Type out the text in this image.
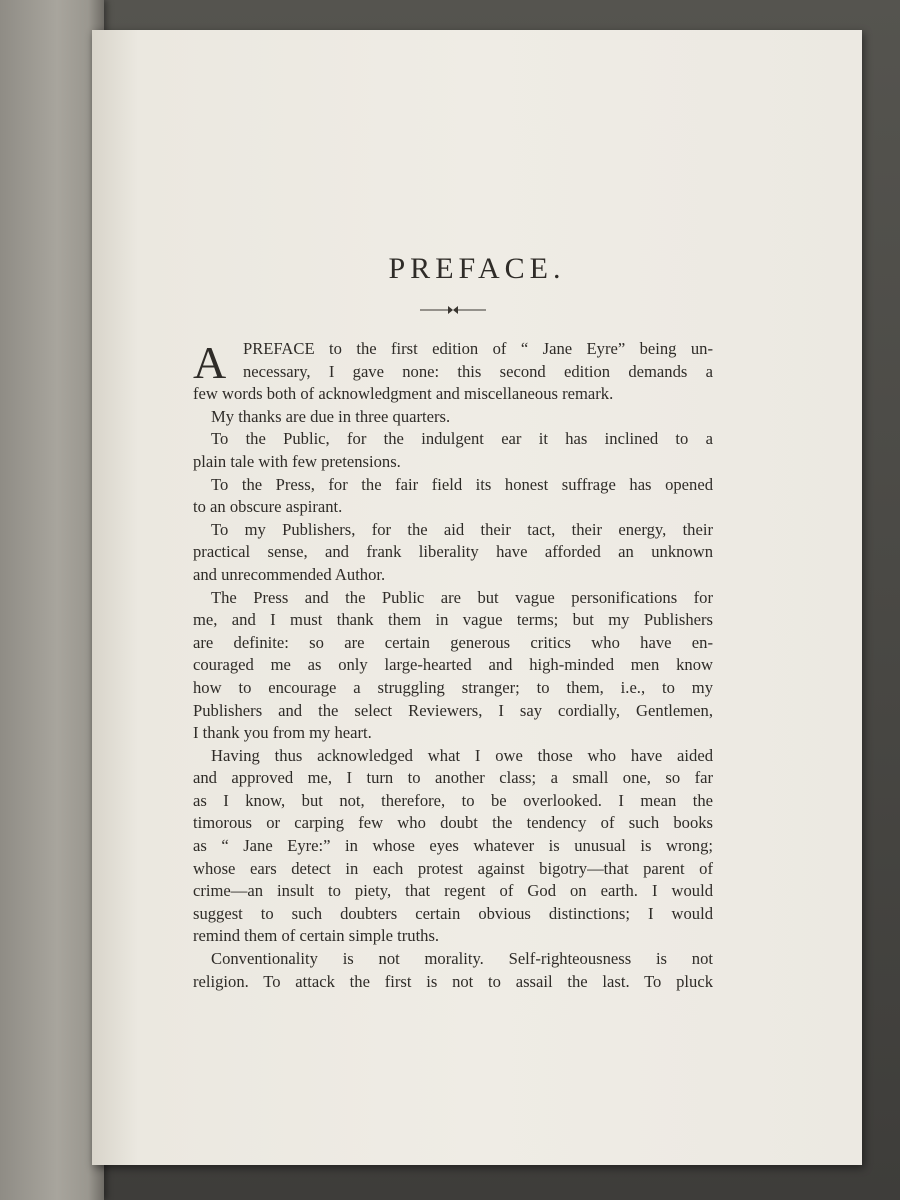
PREFACE.
A	PREFACE to the first edition of “ Jane Eyre” being un-
necessary, I gave none: this second edition demands a
few words both of acknowledgment and miscellaneous remark.
My thanks are due in three quarters.
To the Public, for the indulgent ear it has inclined to a
plain tale with few pretensions.
To the Press, for the fair field its honest suffrage has opened
to an obscure aspirant.
To my Publishers, for the aid their tact, their energy, their
practical sense, and frank liberality have afforded an unknown
and unrecommended Author.
The Press and the Public are but vague personifications for
me, and I must thank them in vague terms; but my Publishers
are definite: so are certain generous critics who have en-
couraged me as only large-hearted and high-minded men know
how to encourage a struggling stranger; to them, i.e., to my
Publishers and the select Reviewers, I say cordially, Gentlemen,
I thank you from my heart.
Having thus acknowledged what I owe those who have aided
and approved me, I turn to another class; a small one, so far
as I know, but not, therefore, to be overlooked. I mean the
timorous or carping few who doubt the tendency of such books
as “ Jane Eyre:” in whose eyes whatever is unusual is wrong;
whose ears detect in each protest against bigotry—that parent of
crime—an insult to piety, that regent of God on earth. I would
suggest to such doubters certain obvious distinctions; I would
remind them of certain simple truths.
Conventionality is not morality. Self-righteousness is not
religion. To attack the first is not to assail the last. To pluck
